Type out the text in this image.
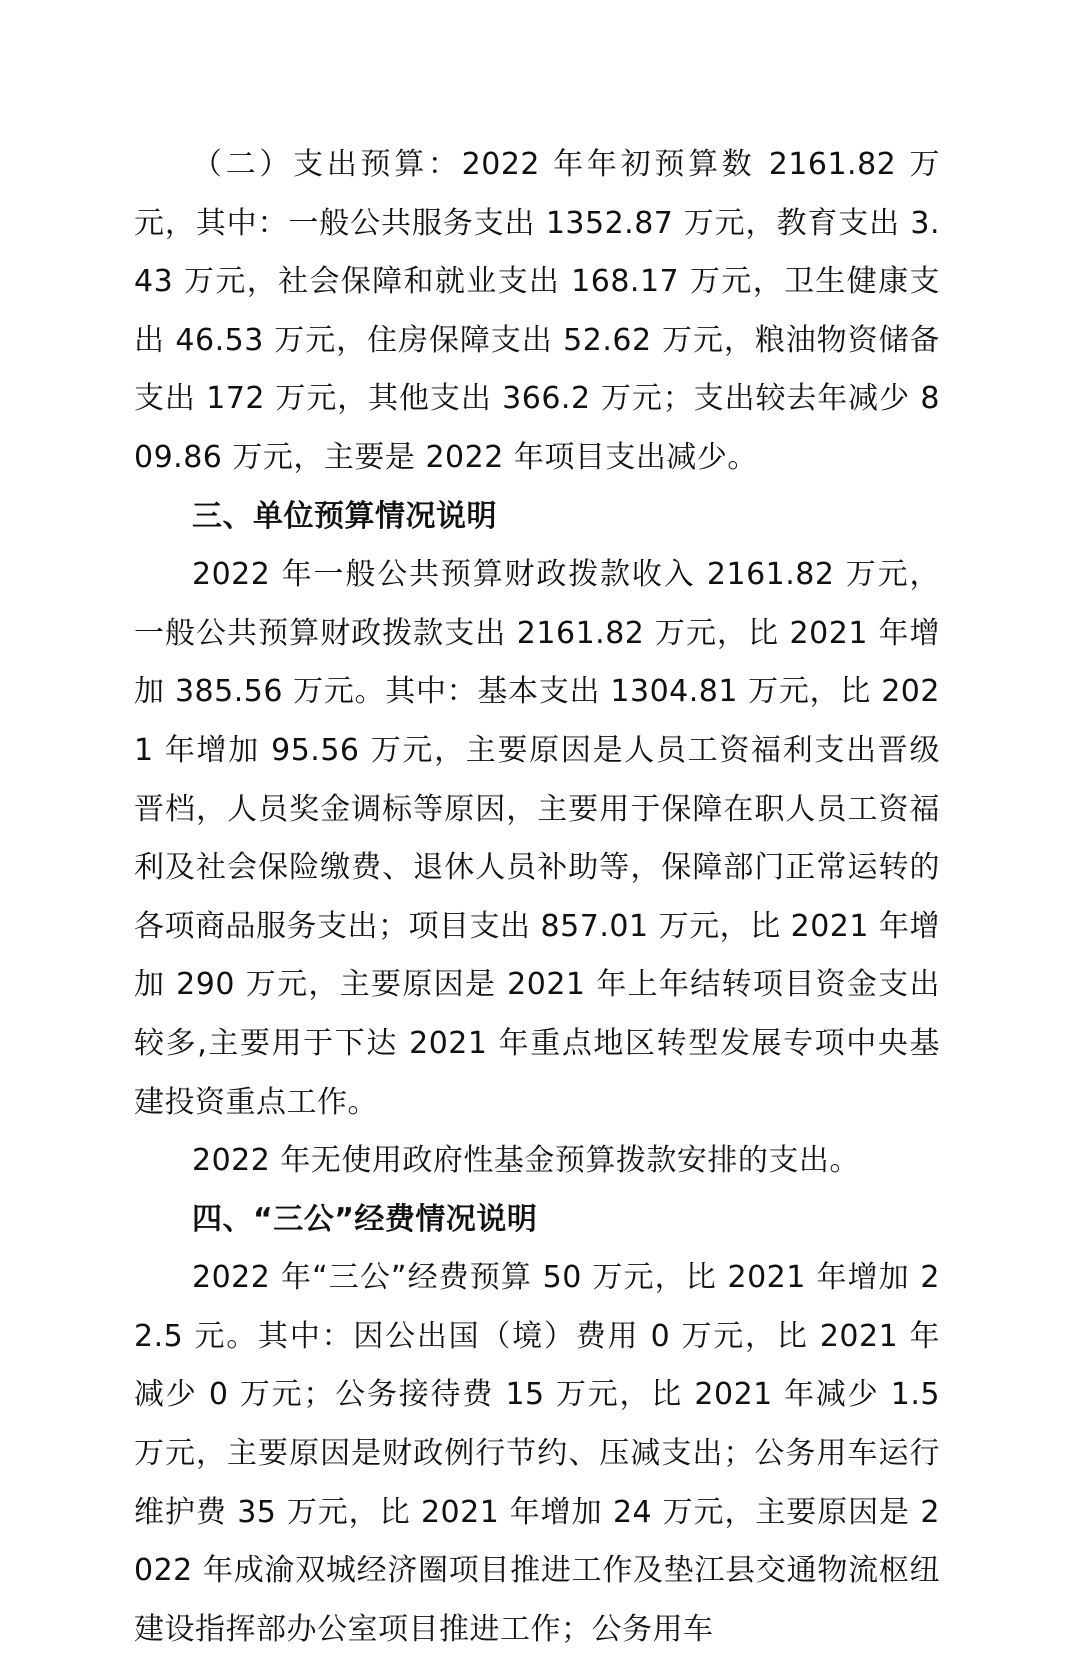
（二）支出预算：2022 年年初预算数 2161.82 万元，其中：一般公共服务支出 1352.87 万元，教育支出 3.43 万元，社会保障和就业支出 168.17 万元，卫生健康支出 46.53 万元，住房保障支出 52.62 万元，粮油物资储备支出 172 万元，其他支出 366.2 万元；支出较去年减少 809.86 万元，主要是 2022 年项目支出减少。

三、单位预算情况说明

2022 年一般公共预算财政拨款收入 2161.82 万元，一般公共预算财政拨款支出 2161.82 万元，比 2021 年增加 385.56 万元。其中：基本支出 1304.81 万元，比 2021 年增加 95.56 万元，主要原因是人员工资福利支出晋级晋档，人员奖金调标等原因，主要用于保障在职人员工资福利及社会保险缴费、退休人员补助等，保障部门正常运转的各项商品服务支出；项目支出 857.01 万元，比 2021 年增加 290 万元，主要原因是 2021 年上年结转项目资金支出较多,主要用于下达 2021 年重点地区转型发展专项中央基建投资重点工作。

2022 年无使用政府性基金预算拨款安排的支出。

四、“三公”经费情况说明

2022 年“三公”经费预算 50 万元，比 2021 年增加 22.5 元。其中：因公出国（境）费用 0 万元，比 2021 年减少 0 万元；公务接待费 15 万元，比 2021 年减少 1.5 万元，主要原因是财政例行节约、压减支出；公务用车运行维护费 35 万元，比 2021 年增加 24 万元，主要原因是 2022 年成渝双城经济圈项目推进工作及垫江县交通物流枢纽建设指挥部办公室项目推进工作；公务用车
